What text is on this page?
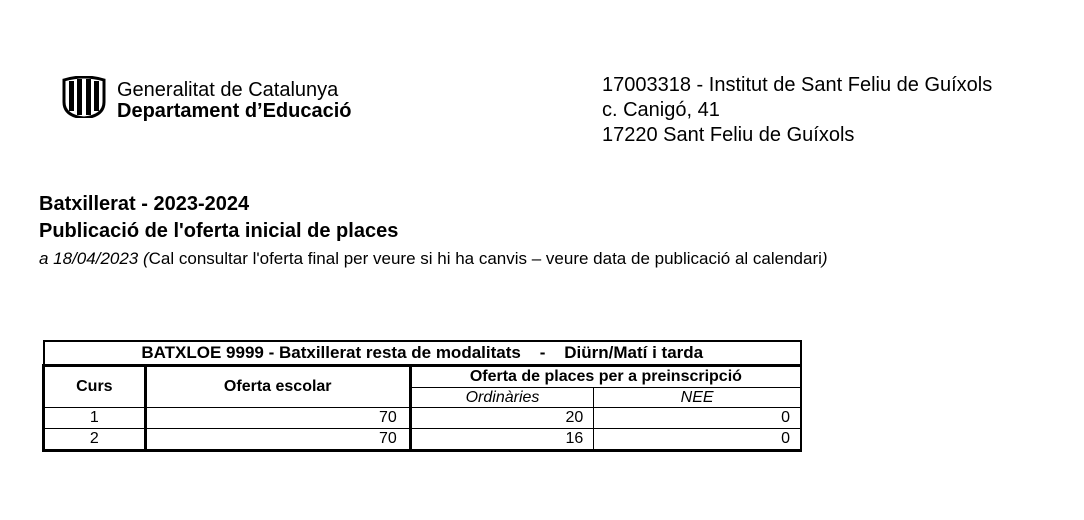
Generalitat de Catalunya
Departament d’Educació
17003318 - Institut de Sant Feliu de Guíxols
c. Canigó, 41
17220 Sant Feliu de Guíxols
Batxillerat - 2023-2024
Publicació de l'oferta inicial de places
a 18/04/2023 (Cal consultar l'oferta final per veure si hi ha canvis – veure data de publicació al calendari)
BATXLOE 9999 - Batxillerat resta de modalitats    -    Diürn/Matí i tarda			
Curs	Oferta escolar	Oferta de places per a preinscripció	
		Ordinàries	NEE
1	70	20	0
2	70	16	0
